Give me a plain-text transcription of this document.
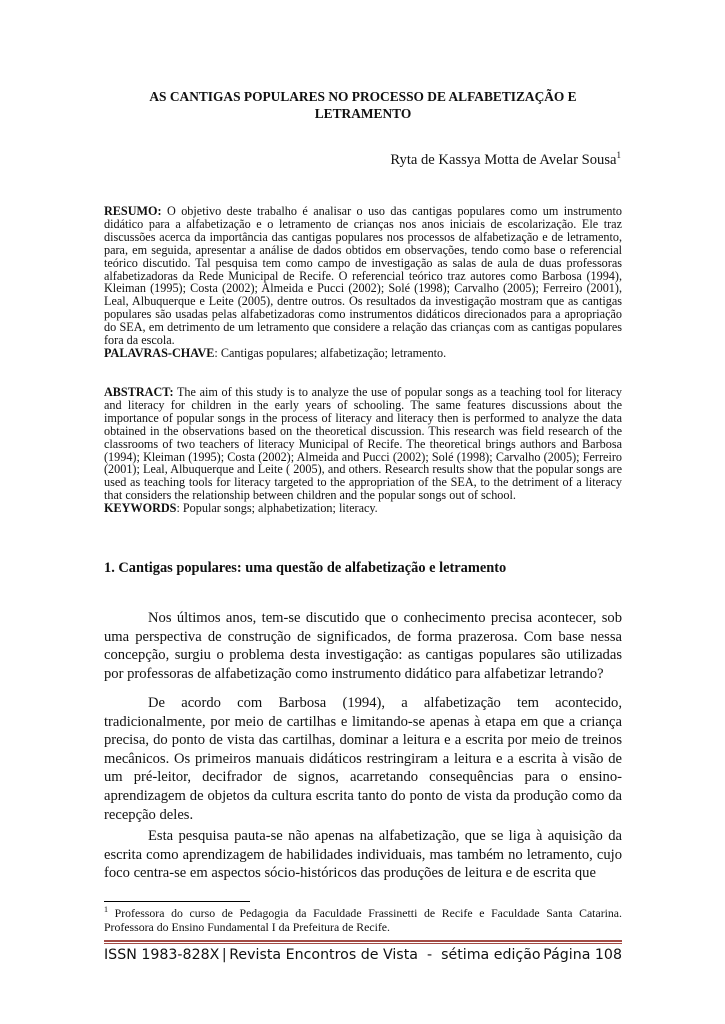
AS CANTIGAS POPULARES NO PROCESSO DE ALFABETIZAÇÃO E
LETRAMENTO
Ryta de Kassya Motta de Avelar Sousa$^1$
RESUMO: O objetivo deste trabalho é analisar o uso das cantigas populares como um instrumento didático para a alfabetização e o letramento de crianças nos anos iniciais de escolarização. Ele traz discussões acerca da importância das cantigas populares nos processos de alfabetização e de letramento, para, em seguida, apresentar a análise de dados obtidos em observações, tendo como base o referencial teórico discutido. Tal pesquisa tem como campo de investigação as salas de aula de duas professoras alfabetizadoras da Rede Municipal de Recife. O referencial teórico traz autores como Barbosa (1994), Kleiman (1995); Costa (2002); Almeida e Pucci (2002); Solé (1998); Carvalho (2005); Ferreiro (2001), Leal, Albuquerque e Leite (2005), dentre outros. Os resultados da investigação mostram que as cantigas populares são usadas pelas alfabetizadoras como instrumentos didáticos direcionados para a apropriação do SEA, em detrimento de um letramento que considere a relação das crianças com as cantigas populares fora da escola.
PALAVRAS-CHAVE: Cantigas populares; alfabetização; letramento.
ABSTRACT: The aim of this study is to analyze the use of popular songs as a teaching tool for literacy and literacy for children in the early years of schooling. The same features discussions about the importance of popular songs in the process of literacy and literacy then is performed to analyze the data obtained in the observations based on the theoretical discussion. This research was field research of the classrooms of two teachers of literacy Municipal of Recife. The theoretical brings authors and Barbosa (1994); Kleiman (1995); Costa (2002); Almeida and Pucci (2002); Solé (1998); Carvalho (2005); Ferreiro (2001); Leal, Albuquerque and Leite ( 2005), and others. Research results show that the popular songs are used as teaching tools for literacy targeted to the appropriation of the SEA, to the detriment of a literacy that considers the relationship between children and the popular songs out of school.
KEYWORDS: Popular songs; alphabetization; literacy.
1. Cantigas populares: uma questão de alfabetização e letramento
Nos últimos anos, tem-se discutido que o conhecimento precisa acontecer, sob uma perspectiva de construção de significados, de forma prazerosa. Com base nessa concepção, surgiu o problema desta investigação: as cantigas populares são utilizadas por professoras de alfabetização como instrumento didático para alfabetizar letrando?
De acordo com Barbosa (1994), a alfabetização tem acontecido, tradicionalmente, por meio de cartilhas e limitando-se apenas à etapa em que a criança precisa, do ponto de vista das cartilhas, dominar a leitura e a escrita por meio de treinos mecânicos. Os primeiros manuais didáticos restringiram a leitura e a escrita à visão de um pré-leitor, decifrador de signos, acarretando consequências para o ensino-aprendizagem de objetos da cultura escrita tanto do ponto de vista da produção como da recepção deles.
Esta pesquisa pauta-se não apenas na alfabetização, que se liga à aquisição da escrita como aprendizagem de habilidades individuais, mas também no letramento, cujo foco centra-se em aspectos sócio-históricos das produções de leitura e de escrita que
$^1$ Professora do curso de Pedagogia da Faculdade Frassinetti de Recife e Faculdade Santa Catarina. Professora do Ensino Fundamental I da Prefeitura de Recife.
ISSN 1983-828X | Revista Encontros de Vista  -  sétima edição Página 108
